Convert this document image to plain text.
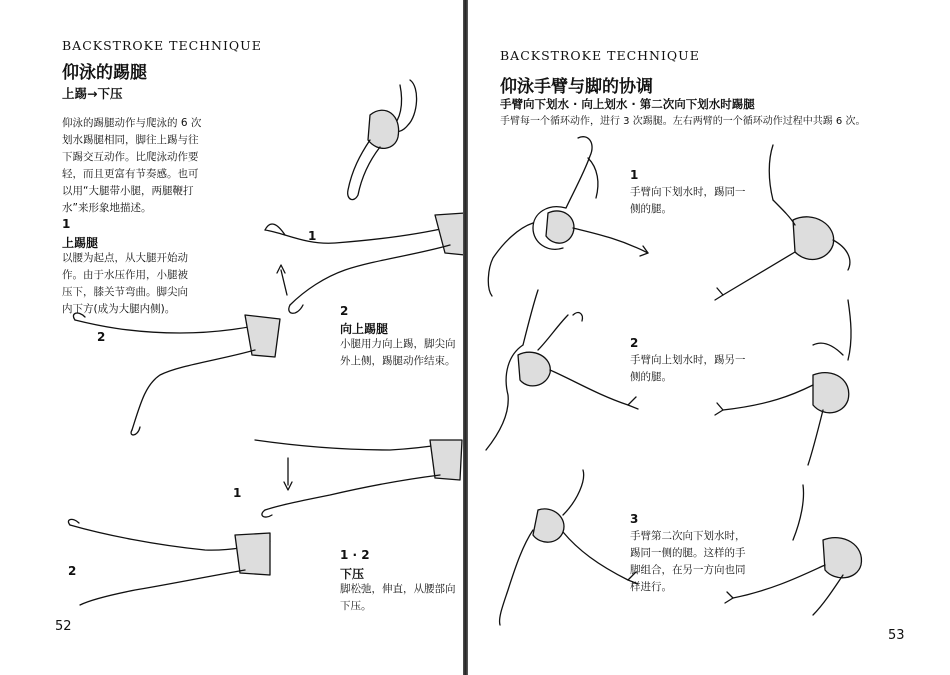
BACKSTROKE TECHNIQUE
仰泳的踢腿
上踢→下压
仰泳的踢腿动作与爬泳的 6 次
划水踢腿相同，脚往上踢与往
下踢交互动作。比爬泳动作要
轻，而且更富有节奏感。也可
以用“大腿带小腿，两腿鞭打
水”来形象地描述。
1
上踢腿
以腰为起点，从大腿开始动
作。由于水压作用，小腿被
压下，膝关节弯曲。脚尖向
内下方(成为大腿内侧)。	2
向上踢腿
小腿用力向上踢，脚尖向
外上侧，踢腿动作结束。
1 · 2
下压
脚松弛，伸直，从腰部向
下压。
1
2
1
2
52
BACKSTROKE TECHNIQUE
仰泳手臂与脚的协调
手臂向下划水 · 向上划水 · 第二次向下划水时踢腿
手臂每一个循环动作，进行 3 次踢腿。左右两臂的一个循环动作过程中共踢 6 次。
1
手臂向下划水时，踢同一
侧的腿。
2
手臂向上划水时，踢另一
侧的腿。
3
手臂第二次向下划水时，
踢同一侧的腿。这样的手
脚组合，在另一方向也同
样进行。
53
